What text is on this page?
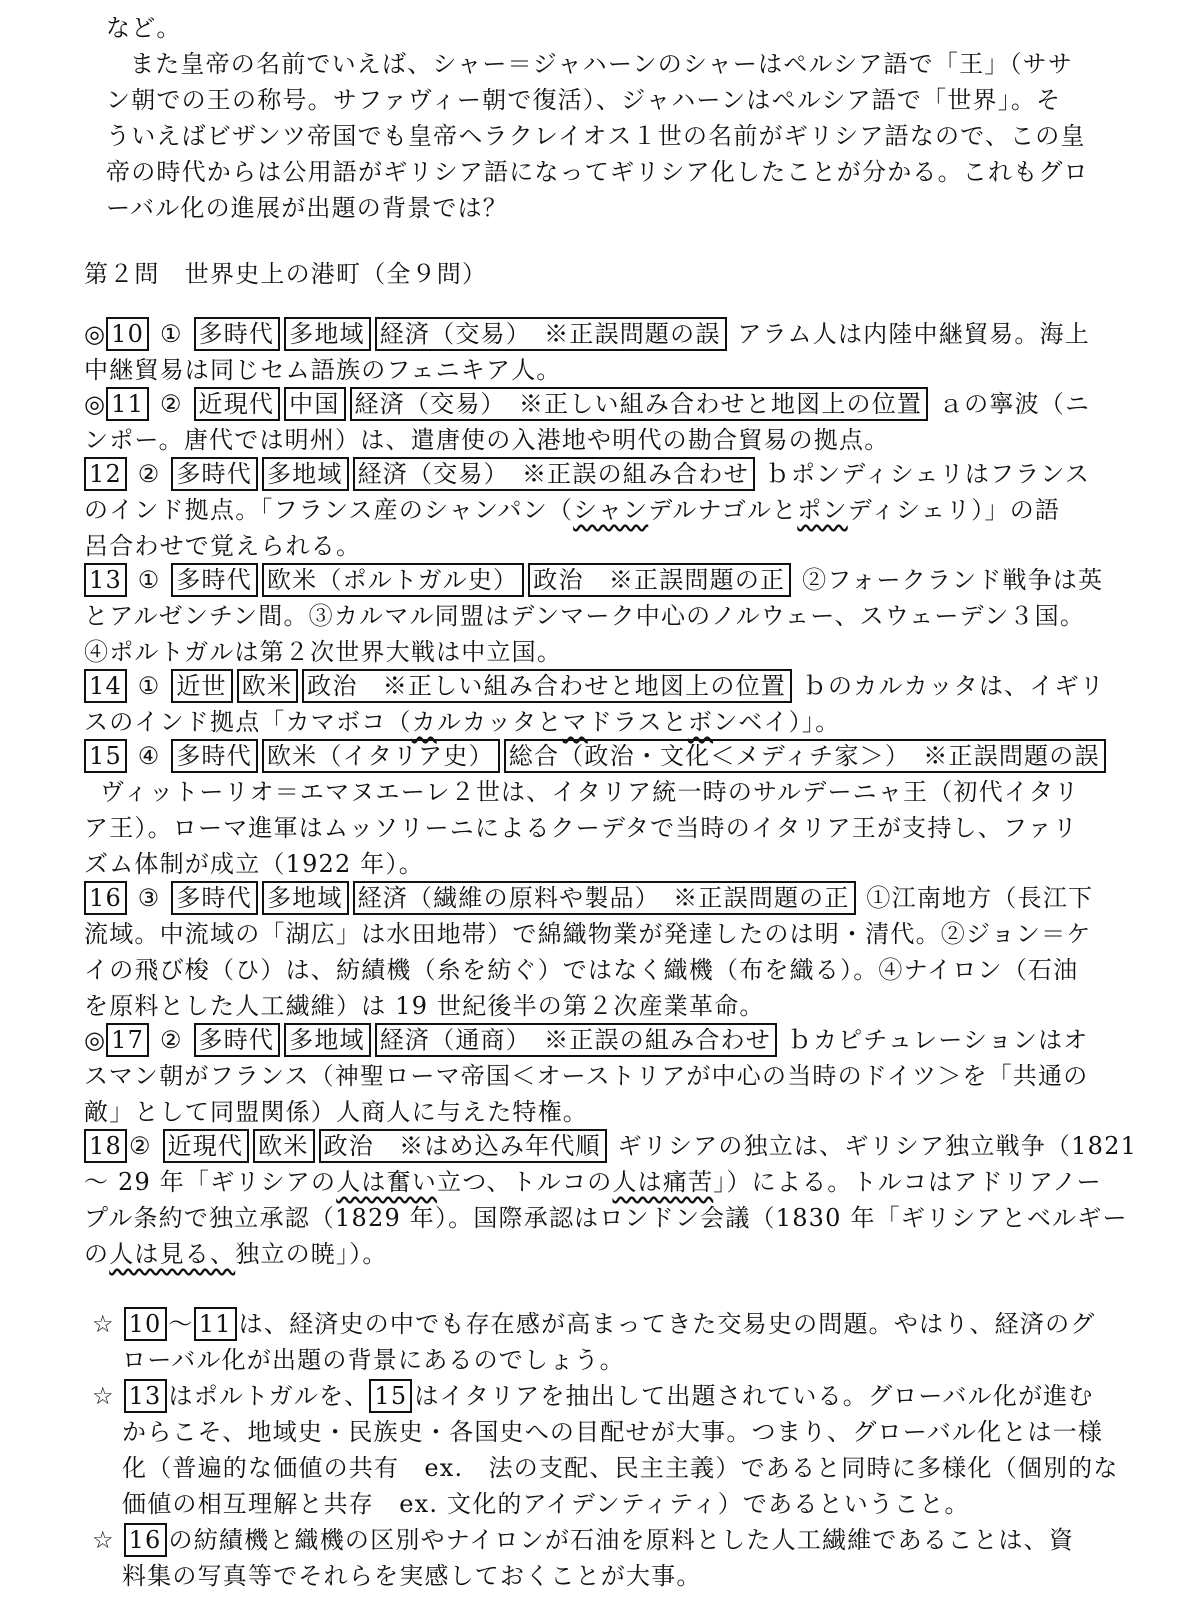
など。
また皇帝の名前でいえば、シャー＝ジャハーンのシャーはペルシア語で「王」（ササ
ン朝での王の称号。サファヴィー朝で復活）、ジャハーンはペルシア語で「世界」。そ
ういえばビザンツ帝国でも皇帝ヘラクレイオス１世の名前がギリシア語なので、この皇
帝の時代からは公用語がギリシア語になってギリシア化したことが分かる。これもグロ
ーバル化の進展が出題の背景では？
第２問　世界史上の港町（全９問）
◎ 10 ① 多時代 多地域 経済（交易）　※正誤問題の誤 アラム人は内陸中継貿易。海上
中継貿易は同じセム語族のフェニキア人。
◎ 11 ② 近現代 中国 経済（交易）　※正しい組み合わせと地図上の位置 ａの寧波（ニ
ンポー。唐代では明州）は、遣唐使の入港地や明代の勘合貿易の拠点。
12 ② 多時代 多地域 経済（交易）　※正誤の組み合わせ ｂポンディシェリはフランス
のインド拠点。「フランス産のシャンパン（シャンデルナゴルとポンディシェリ）」の語
呂合わせで覚えられる。
13 ① 多時代 欧米（ポルトガル史） 政治　※正誤問題の正 ②フォークランド戦争は英
とアルゼンチン間。③カルマル同盟はデンマーク中心のノルウェー、スウェーデン３国。
④ポルトガルは第２次世界大戦は中立国。
14 ① 近世 欧米 政治　※正しい組み合わせと地図上の位置 ｂのカルカッタは、イギリ
スのインド拠点「カマボコ（カルカッタとマドラスとボンベイ）」。
15 ④ 多時代 欧米（イタリア史） 総合（政治・文化＜メディチ家＞）　※正誤問題の誤
ヴィットーリオ＝エマヌエーレ２世は、イタリア統一時のサルデーニャ王（初代イタリ
ア王）。ローマ進軍はムッソリーニによるクーデタで当時のイタリア王が支持し、ファリ
ズム体制が成立（1922 年）。
16 ③ 多時代 多地域 経済（繊維の原料や製品）　※正誤問題の正 ①江南地方（長江下
流域。中流域の「湖広」は水田地帯）で綿織物業が発達したのは明・清代。②ジョン＝ケ
イの飛び梭（ひ）は、紡績機（糸を紡ぐ）ではなく織機（布を織る）。④ナイロン（石油
を原料とした人工繊維）は 19 世紀後半の第２次産業革命。
◎ 17 ② 多時代 多地域 経済（通商）　※正誤の組み合わせ ｂカピチュレーションはオ
スマン朝がフランス（神聖ローマ帝国＜オーストリアが中心の当時のドイツ＞を「共通の
敵」として同盟関係）人商人に与えた特権。
18 ② 近現代 欧米 政治　※はめ込み年代順 ギリシアの独立は、ギリシア独立戦争（1821
～ 29 年「ギリシアの人は奮い立つ、トルコの人は痛苦」）による。トルコはアドリアノー
プル条約で独立承認（1829 年）。国際承認はロンドン会議（1830 年「ギリシアとベルギー
の人は見る、独立の暁」）。
☆ 10 ～ 11 は、経済史の中でも存在感が高まってきた交易史の問題。やはり、経済のグ
ローバル化が出題の背景にあるのでしょう。
☆ 13 はポルトガルを、 15 はイタリアを抽出して出題されている。グローバル化が進む
からこそ、地域史・民族史・各国史への目配せが大事。つまり、グローバル化とは一様
化（普遍的な価値の共有　ex.　法の支配、民主主義）であると同時に多様化（個別的な
価値の相互理解と共存　ex. 文化的アイデンティティ）であるということ。
☆ 16 の紡績機と織機の区別やナイロンが石油を原料とした人工繊維であることは、資
料集の写真等でそれらを実感しておくことが大事。
